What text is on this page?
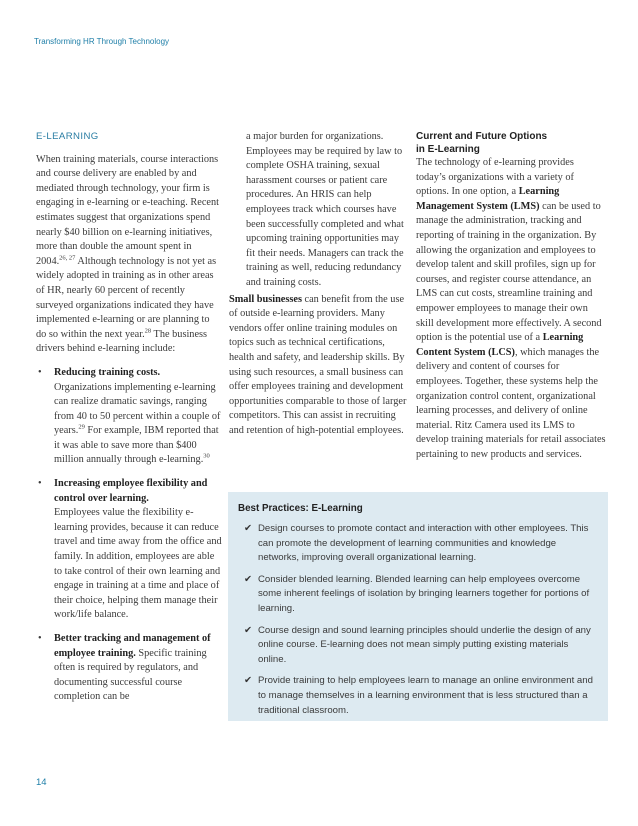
Transforming HR Through Technology

E-LEARNING

When training materials, course interactions and course delivery are enabled by and mediated through technology, your firm is engaging in e-learning or e-teaching. Recent estimates suggest that organizations spend nearly $40 billion on e-learning initiatives, more than double the amount spent in 2004.$^{26, 27}$ Although technology is not yet as widely adopted in training as in other areas of HR, nearly 60 percent of recently surveyed organizations indicated they have implemented e-learning or are planning to do so within the next year.$^{28}$ The business drivers behind e-learning include:

• Reducing training costs.
Organizations implementing e-learning can realize dramatic savings, ranging from 40 to 50 percent within a couple of years.$^{29}$ For example, IBM reported that it was able to save more than $400 million annually through e-learning.$^{30}$
• Increasing employee flexibility and control over learning.
Employees value the flexibility e-learning provides, because it can reduce travel and time away from the office and family. In addition, employees are able to take control of their own learning and engage in training at a time and place of their choice, helping them manage their work/life balance.
• Better tracking and management of employee training. Specific training often is required by regulators, and documenting successful course completion can be

a major burden for organizations. Employees may be required by law to complete OSHA training, sexual harassment courses or patient care procedures. An HRIS can help employees track which courses have been successfully completed and what upcoming training opportunities may fit their needs. Managers can track the training as well, reducing redundancy and training costs.

Small businesses can benefit from the use of outside e-learning providers. Many vendors offer online training modules on topics such as technical certifications, health and safety, and leadership skills. By using such resources, a small business can offer employees training and development opportunities comparable to those of larger competitors. This can assist in recruiting and retention of high-potential employees.

Current and Future Options
in E-Learning

The technology of e-learning provides today’s organizations with a variety of options. In one option, a Learning Management System (LMS) can be used to manage the administration, tracking and reporting of training in the organization. By allowing the organization and employees to develop talent and skill profiles, sign up for courses, and register course attendance, an LMS can cut costs, streamline training and empower employees to manage their own skill development more effectively. A second option is the potential use of a Learning Content System (LCS), which manages the delivery and content of courses for employees. Together, these systems help the organization control content, organizational learning processes, and delivery of online material. Ritz Camera used its LMS to develop training materials for retail associates pertaining to new products and services.

Best Practices: E-Learning
✔ Design courses to promote contact and interaction with other employees. This can promote the development of learning communities and knowledge networks, improving overall organizational learning.
✔ Consider blended learning. Blended learning can help employees overcome some inherent feelings of isolation by bringing learners together for portions of learning.
✔ Course design and sound learning principles should underlie the design of any online course. E-learning does not mean simply putting existing materials online.
✔ Provide training to help employees learn to manage an online environment and to manage themselves in a learning environment that is less structured than a traditional classroom.
14
